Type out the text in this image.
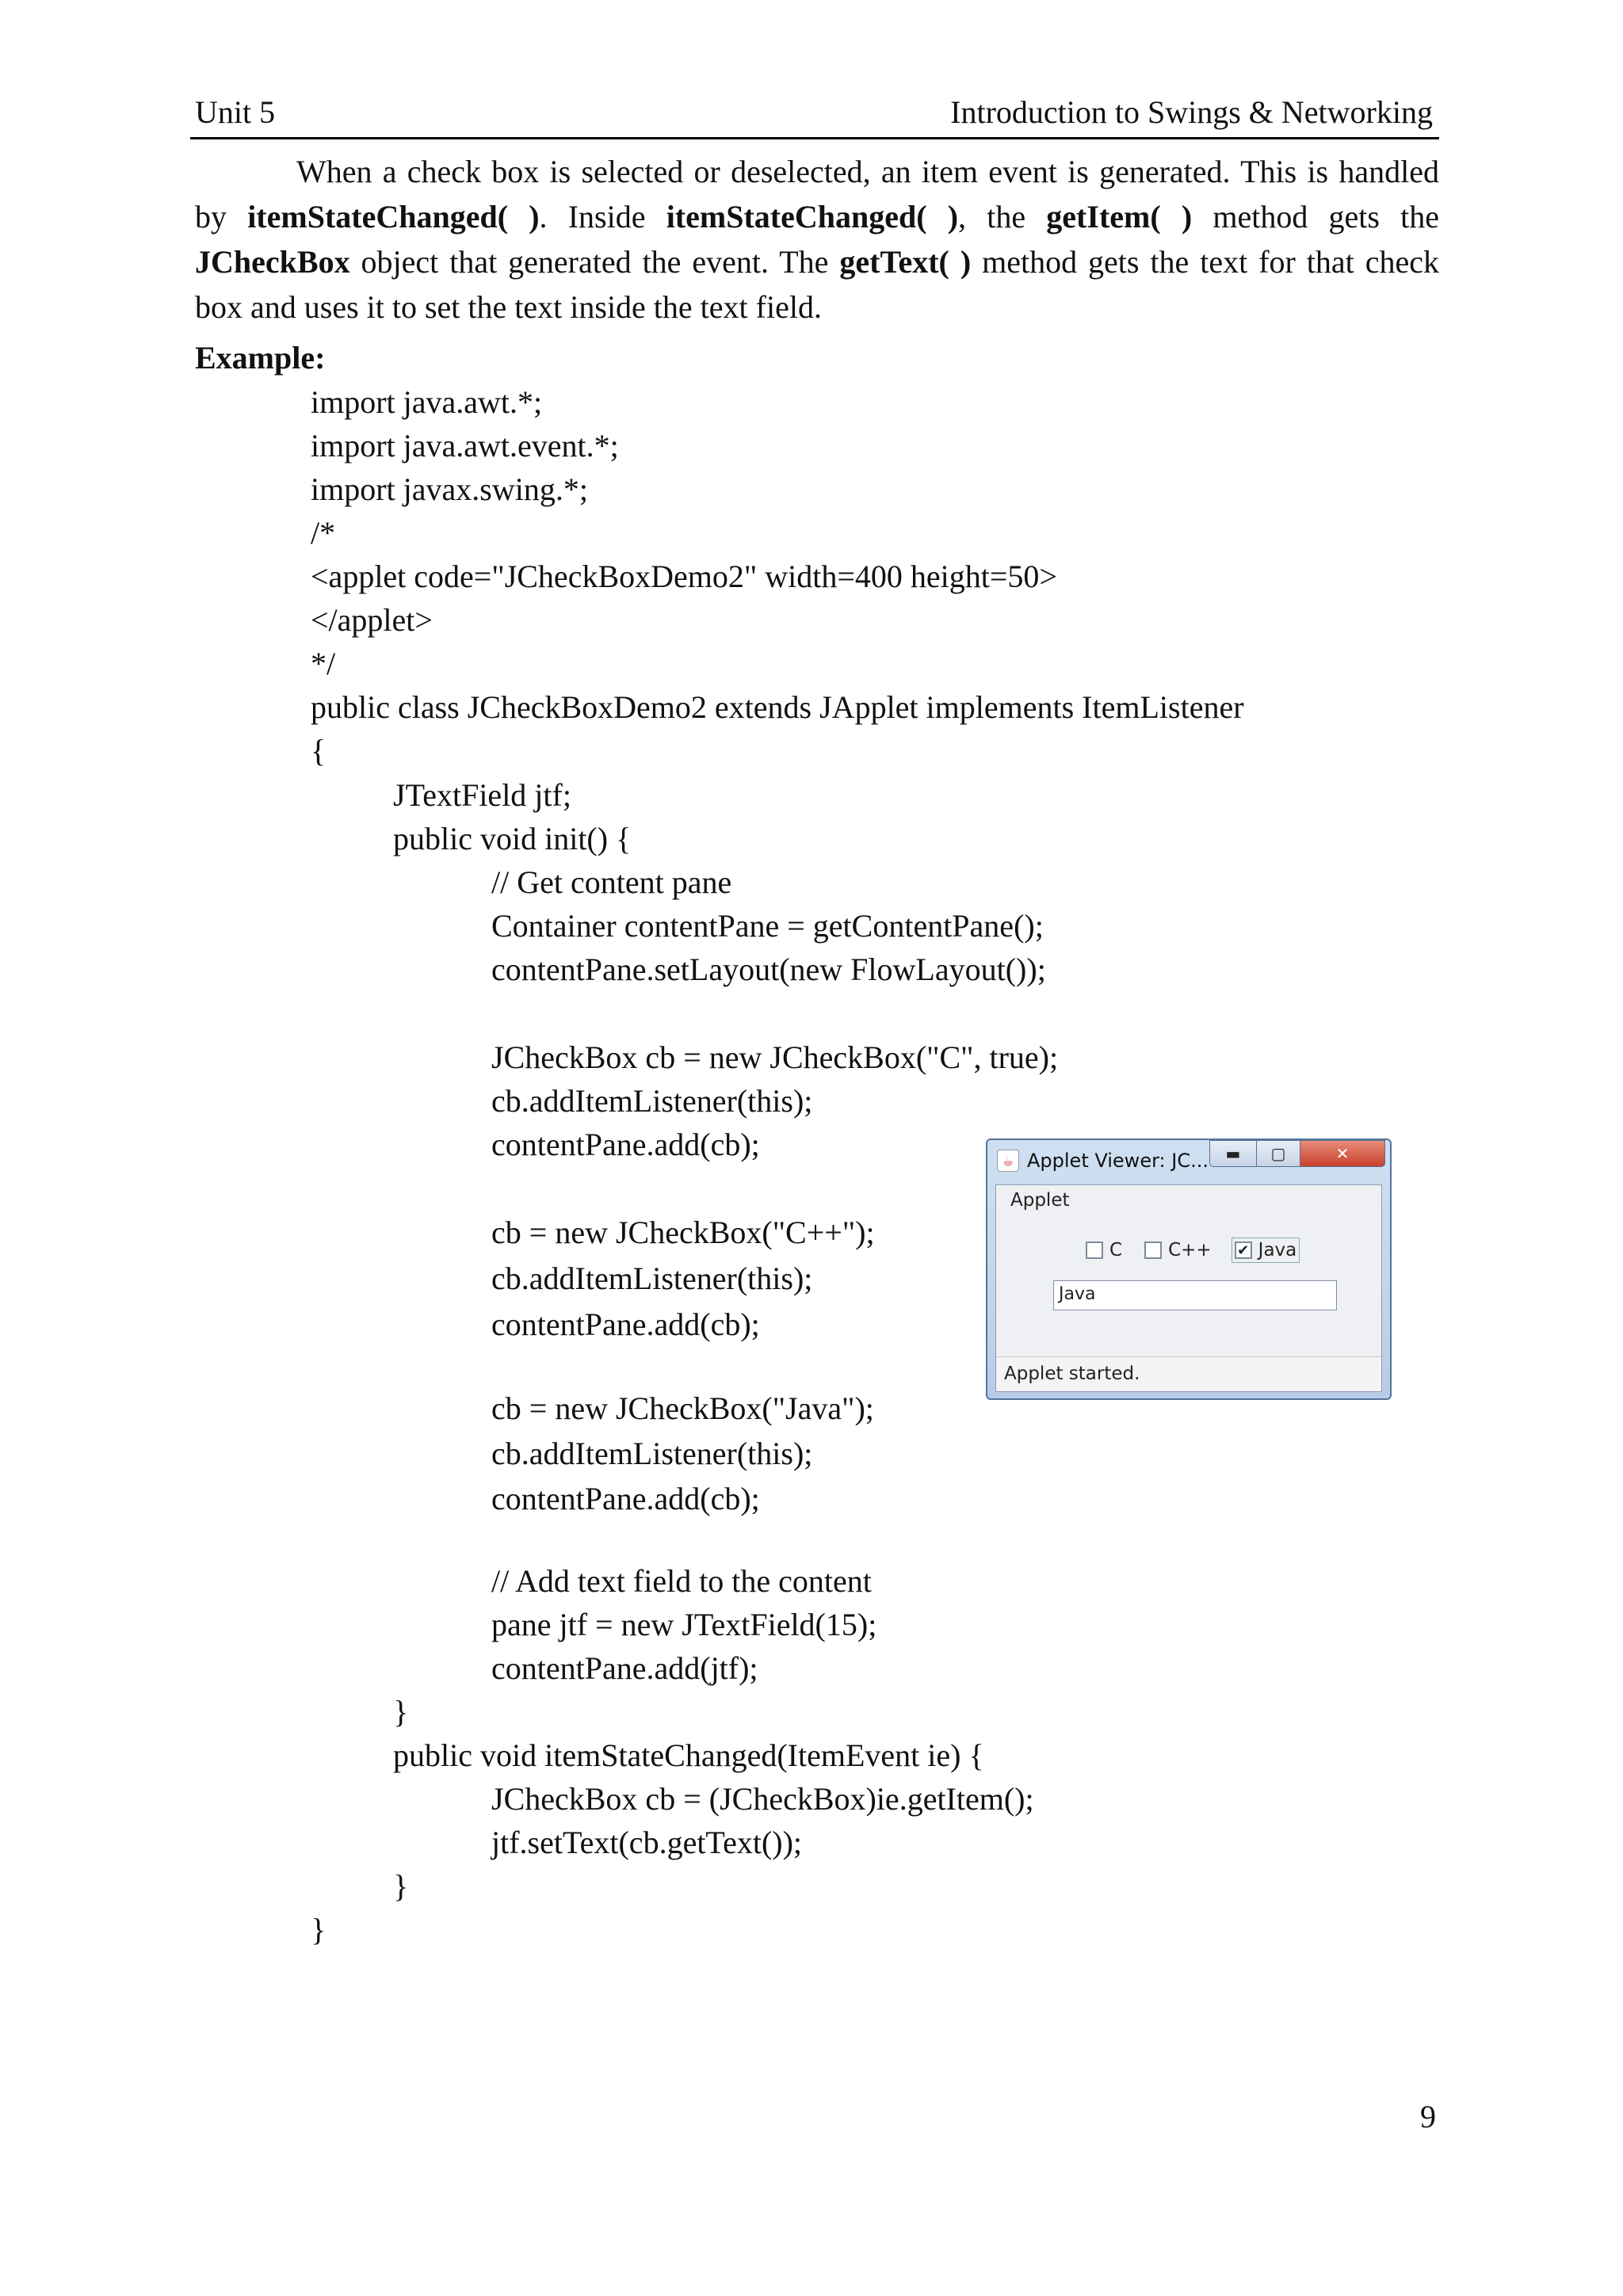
Unit 5	Introduction to Swings & Networking

When a check box is selected or deselected, an item event is generated. This is handled by itemStateChanged( ). Inside itemStateChanged( ), the getItem( ) method gets the JCheckBox object that generated the event. The getText( ) method gets the text for that check box and uses it to set the text inside the text field.

Example:
import java.awt.*;
import java.awt.event.*;
import javax.swing.*;
/*
<applet code="JCheckBoxDemo2" width=400 height=50>
</applet>
*/
public class JCheckBoxDemo2 extends JApplet implements ItemListener
{
JTextField jtf;
public void init() {
// Get content pane
Container contentPane = getContentPane();
contentPane.setLayout(new FlowLayout());
JCheckBox cb = new JCheckBox("C", true);
cb.addItemListener(this);
contentPane.add(cb);
cb = new JCheckBox("C++");
cb.addItemListener(this);
contentPane.add(cb);
cb = new JCheckBox("Java");
cb.addItemListener(this);
contentPane.add(cb);
// Add text field to the content
pane jtf = new JTextField(15);
contentPane.add(jtf);
}
public void itemStateChanged(ItemEvent ie) {
JCheckBox cb = (JCheckBox)ie.getItem();
jtf.setText(cb.getText());
}
}
☕ Applet Viewer: JC...	▬	▢	✕
Applet
C	C++ ✔ Java
Java
Applet started.
9
